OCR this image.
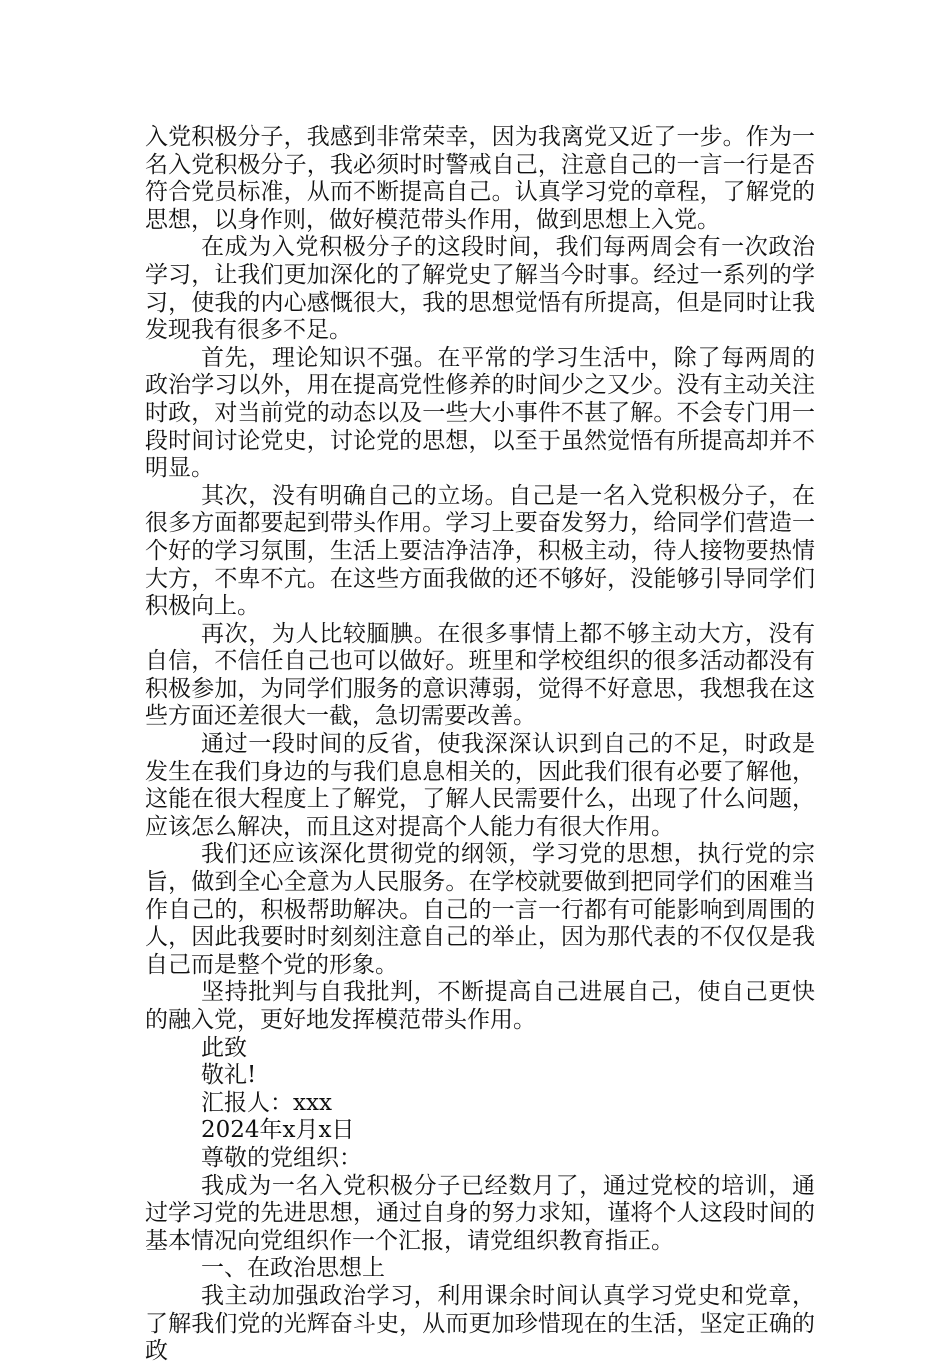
入党积极分子，我感到非常荣幸，因为我离党又近了一步。作为一名入党积极分子，我必须时时警戒自己，注意自己的一言一行是否符合党员标准，从而不断提高自己。认真学习党的章程，了解党的思想，以身作则，做好模范带头作用，做到思想上入党。

在成为入党积极分子的这段时间，我们每两周会有一次政治学习，让我们更加深化的了解党史了解当今时事。经过一系列的学习，使我的内心感慨很大，我的思想觉悟有所提高，但是同时让我发现我有很多不足。

首先，理论知识不强。在平常的学习生活中，除了每两周的政治学习以外，用在提高党性修养的时间少之又少。没有主动关注时政，对当前党的动态以及一些大小事件不甚了解。不会专门用一段时间讨论党史，讨论党的思想，以至于虽然觉悟有所提高却并不明显。

其次，没有明确自己的立场。自己是一名入党积极分子，在很多方面都要起到带头作用。学习上要奋发努力，给同学们营造一个好的学习氛围，生活上要洁净洁净，积极主动，待人接物要热情大方，不卑不亢。在这些方面我做的还不够好，没能够引导同学们积极向上。

再次，为人比较腼腆。在很多事情上都不够主动大方，没有自信，不信任自己也可以做好。班里和学校组织的很多活动都没有积极参加，为同学们服务的意识薄弱，觉得不好意思，我想我在这些方面还差很大一截，急切需要改善。

通过一段时间的反省，使我深深认识到自己的不足，时政是发生在我们身边的与我们息息相关的，因此我们很有必要了解他，这能在很大程度上了解党，了解人民需要什么，出现了什么问题，应该怎么解决，而且这对提高个人能力有很大作用。

我们还应该深化贯彻党的纲领，学习党的思想，执行党的宗旨，做到全心全意为人民服务。在学校就要做到把同学们的困难当作自己的，积极帮助解决。自己的一言一行都有可能影响到周围的人，因此我要时时刻刻注意自己的举止，因为那代表的不仅仅是我自己而是整个党的形象。

坚持批判与自我批判，不断提高自己进展自己，使自己更快的融入党，更好地发挥模范带头作用。

此致

敬礼!

汇报人：xxx

2024年x月x日

尊敬的党组织：

我成为一名入党积极分子已经数月了，通过党校的培训，通过学习党的先进思想，通过自身的努力求知，谨将个人这段时间的基本情况向党组织作一个汇报，请党组织教育指正。

一、在政治思想上

我主动加强政治学习，利用课余时间认真学习党史和党章，了解我们党的光辉奋斗史，从而更加珍惜现在的生活，坚定正确的政
